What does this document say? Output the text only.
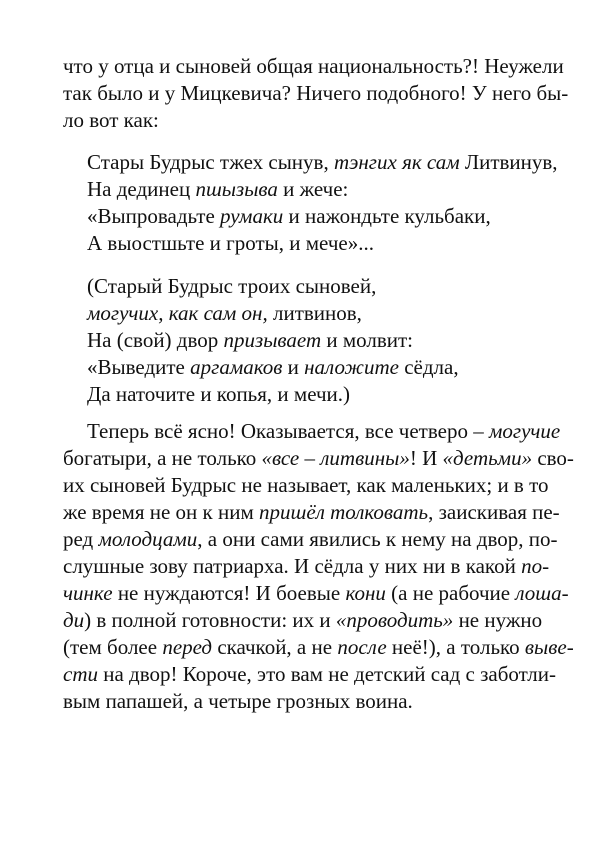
что у отца и сыновей общая национальность?! Неужели
так было и у Мицкевича? Ничего подобного! У него бы-
ло вот как:
Стары Будрыс тжех сынув, тэнгих як сам Литвинув,
На дединец пшызыва и жече:
«Выпровадьте румаки и нажондьте кульбаки,
А выостшьте и гроты, и мече»...
(Старый Будрыс троих сыновей,
могучих, как сам он, литвинов,
На (свой) двор призывает и молвит:
«Выведите аргамаков и наложите сёдла,
Да наточите и копья, и мечи.)
Теперь всё ясно! Оказывается, все четверо – могучие
богатыри, а не только «все – литвины»! И «детьми» сво-
их сыновей Будрыс не называет, как маленьких; и в то
же время не он к ним пришёл толковать, заискивая пе-
ред молодцами, а они сами явились к нему на двор, по-
слушные зову патриарха. И сёдла у них ни в какой по-
чинке не нуждаются! И боевые кони (а не рабочие лоша-
ди) в полной готовности: их и «проводить» не нужно
(тем более перед скачкой, а не после неё!), а только выве-
сти на двор! Короче, это вам не детский сад с заботли-
вым папашей, а четыре грозных воина.
